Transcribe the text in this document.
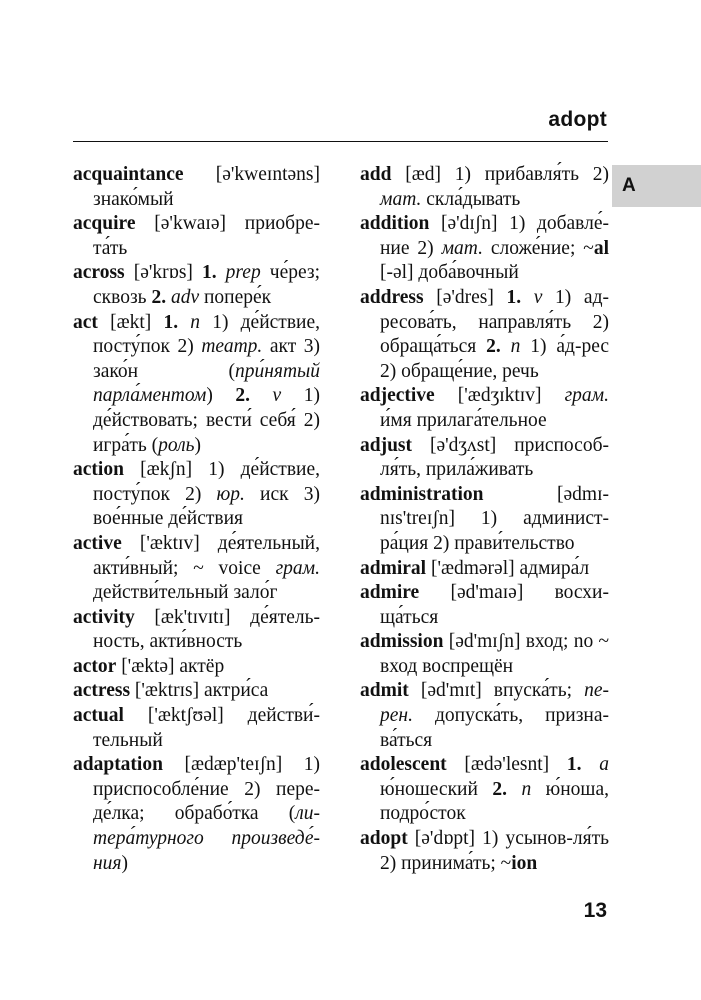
adopt

acquaintance [ə'kweɪntəns] знако́мый

acquire [ə'kwaɪə] приобре-та́ть

across [ə'krɒs] 1. prep че́рез; сквозь 2. adv попере́к

act [ækt] 1. n 1) де́йствие, посту́пок 2) театр. акт 3) зако́н (при́нятый парла́ментом) 2. v 1) де́йствовать; вести́ себя́ 2) игра́ть (роль)

action [ækʃn] 1) де́йствие, посту́пок 2) юр. иск 3) вое́нные де́йствия

active ['æktɪv] де́ятельный, акти́вный; ~ voice грам. действи́тельный зало́г

activity [æk'tɪvɪtɪ] де́ятель-ность, акти́вность

actor ['æktə] актёр

actress ['æktrɪs] актри́са

actual ['æktʃʊəl] действи́-тельный

adaptation [ædæp'teɪʃn] 1) приспособле́ние 2) пере-де́лка; обрабо́тка (ли-тера́турного произведе́-ния)

add [æd] 1) прибавля́ть 2) мат. скла́дывать

addition [ə'dɪʃn] 1) добавле́-ние 2) мат. сложе́ние; ~al [-əl] доба́вочный

address [ə'dres] 1. v 1) ад-ресова́ть, направля́ть 2) обраща́ться 2. n 1) а́д-рес 2) обраще́ние, речь

adjective ['ædʒɪktɪv] грам. и́мя прилага́тельное

adjust [ə'dʒʌst] приспособ-ля́ть, прила́живать

administration [ədmɪ-nɪs'treɪʃn] 1) админист-ра́ция 2) прави́тельство

admiral ['ædmərəl] адмира́л

admire [əd'maɪə] восхи-ща́ться

admission [əd'mɪʃn] вход; no ~ вход воспрещён

admit [əd'mɪt] впуска́ть; пе-рен. допуска́ть, призна-ва́ться

adolescent [ædə'lesnt] 1. a ю́ношеский 2. n ю́ноша, подро́сток

adopt [ə'dɒpt] 1) усынов-ля́ть 2) принима́ть; ~ion

A
13
